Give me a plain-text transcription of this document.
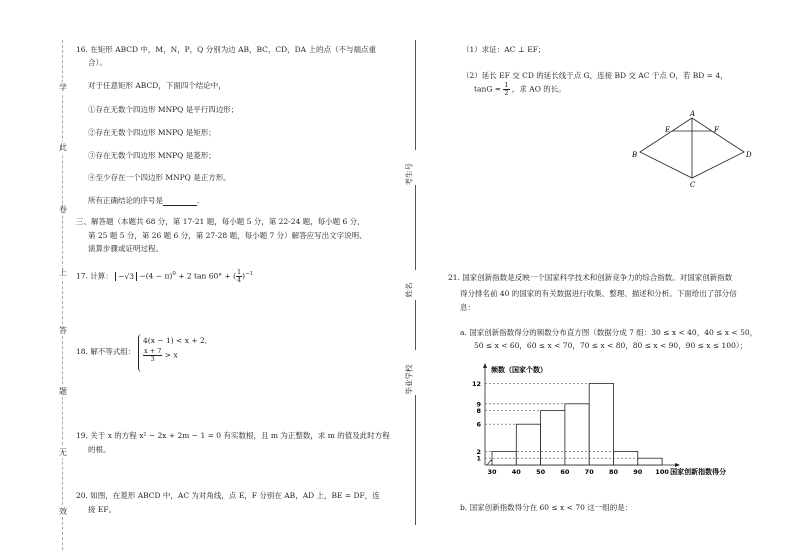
学
此
卷
上
答
题
无
效
考生号
姓名
毕业学校
16. 在矩形 ABCD 中，M，N，P，Q 分别为边 AB，BC，CD，DA 上的点（不与端点重
合）。
对于任意矩形 ABCD，下面四个结论中，
①存在无数个四边形 MNPQ 是平行四边形；
②存在无数个四边形 MNPQ 是矩形；
③存在无数个四边形 MNPQ 是菱形；
④至少存在一个四边形 MNPQ 是正方形。
所有正确结论的序号是	.
三、解答题（本题共 68 分，第 17-21 题，每小题 5 分，第 22-24 题，每小题 6 分，
第 25 题 5 分，第 26 题 6 分，第 27-28 题，每小题 7 分）解答应写出文字说明、
演算步骤或证明过程。
17. 计算： $-√3 -(4 - \pi)^0 + 2$ tan 60° + ( $\frac{1}{4} )^{-1}$
18. 解不等式组：
4(x − 1) < x + 2,
$\frac{x + 7}{3} > x$
19. 关于 x 的方程 x² − 2x + 2m − 1 = 0 有实数根，且 m 为正整数，求 m 的值及此时方程
的根。
20. 如图，在菱形 ABCD 中，AC 为对角线，点 E，F 分别在 AB，AD 上，BE = DF，连
接 EF。
（1）求证：AC ⊥ EF；
（2）延长 EF 交 CD 的延长线于点 G，连接 BD 交 AC 于点 O，若 BD = 4，
$\tan G = \frac{1}{2}$ ，求 AO 的长。
A
B
C
D
E	F
21. 国家创新指数是反映一个国家科学技术和创新竞争力的综合指数。对国家创新指数
得分排名前 40 的国家的有关数据进行收集、整理、描述和分析。下面给出了部分信
息：
a. 国家创新指数得分的频数分布直方图（数据分成 7 组：30 ≤ x < 40，40 ≤ x < 50，
50 ≤ x < 60，60 ≤ x < 70，70 ≤ x < 80，80 ≤ x < 90，90 ≤ x ≤ 100）；
1
2
6
8
9
12
30 40 50 60 70 80 90 100
频数（国家个数）
国家创新指数得分
b. 国家创新指数得分在 60 ≤ x < 70 这一组的是：
